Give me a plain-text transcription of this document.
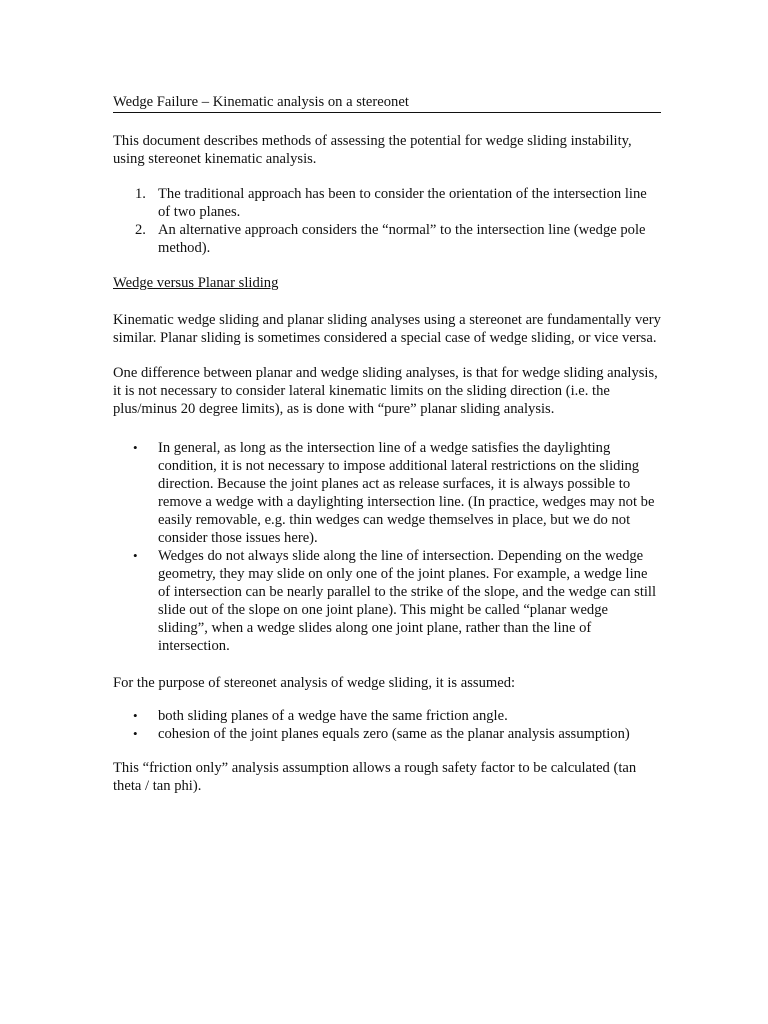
Wedge Failure – Kinematic analysis on a stereonet

This document describes methods of assessing the potential for wedge sliding instability, using stereonet kinematic analysis.

1. The traditional approach has been to consider the orientation of the intersection line of two planes.
2. An alternative approach considers the “normal” to the intersection line (wedge pole method).

Wedge versus Planar sliding

Kinematic wedge sliding and planar sliding analyses using a stereonet are fundamentally very similar. Planar sliding is sometimes considered a special case of wedge sliding, or vice versa.

One difference between planar and wedge sliding analyses, is that for wedge sliding analysis, it is not necessary to consider lateral kinematic limits on the sliding direction (i.e. the plus/minus 20 degree limits), as is done with “pure” planar sliding analysis.

• In general, as long as the intersection line of a wedge satisfies the daylighting condition, it is not necessary to impose additional lateral restrictions on the sliding direction. Because the joint planes act as release surfaces, it is always possible to remove a wedge with a daylighting intersection line. (In practice, wedges may not be easily removable, e.g. thin wedges can wedge themselves in place, but we do not consider those issues here).
• Wedges do not always slide along the line of intersection. Depending on the wedge geometry, they may slide on only one of the joint planes. For example, a wedge line of intersection can be nearly parallel to the strike of the slope, and the wedge can still slide out of the slope on one joint plane). This might be called “planar wedge sliding”, when a wedge slides along one joint plane, rather than the line of intersection.

For the purpose of stereonet analysis of wedge sliding, it is assumed:

• both sliding planes of a wedge have the same friction angle.
• cohesion of the joint planes equals zero (same as the planar analysis assumption)

This “friction only” analysis assumption allows a rough safety factor to be calculated (tan theta / tan phi).
